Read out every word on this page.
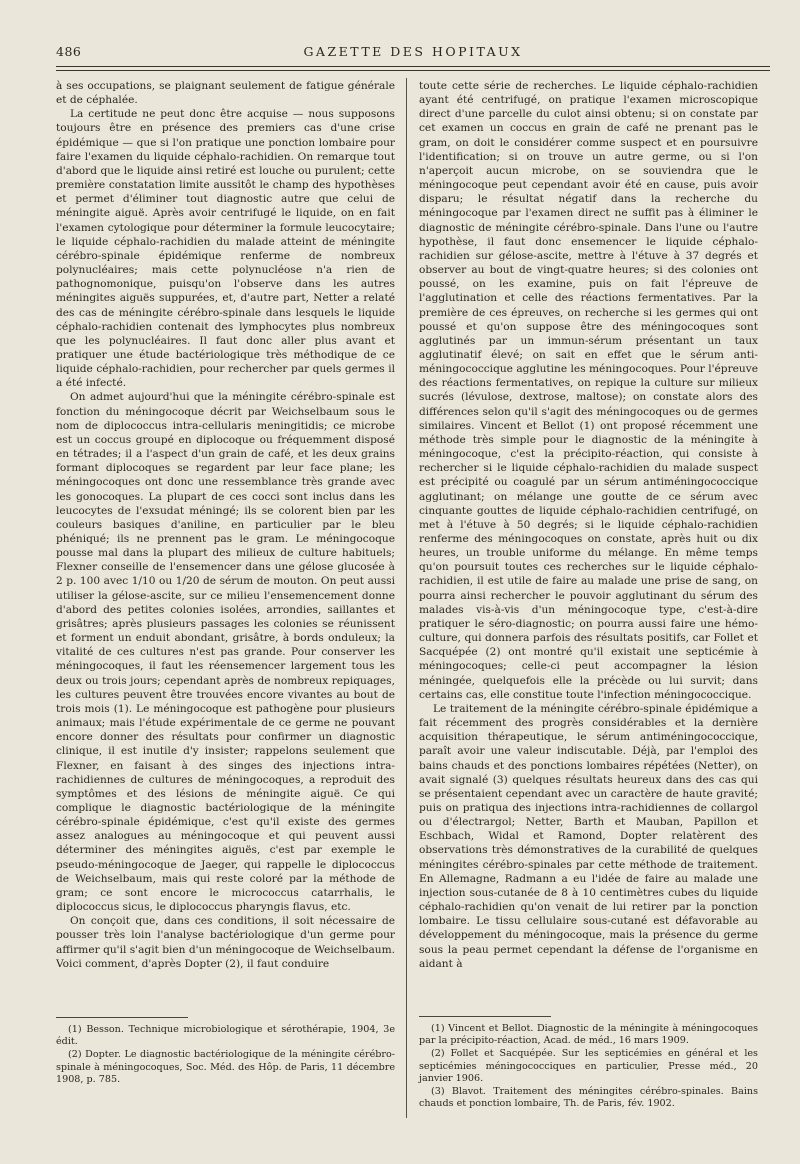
486	GAZETTE DES HOPITAUX

à ses occupations, se plaignant seulement de fatigue générale et de céphalée.

La certitude ne peut donc être acquise — nous supposons toujours être en présence des premiers cas d'une crise épidémique — que si l'on pratique une ponction lombaire pour faire l'examen du liquide céphalo-rachidien. On remarque tout d'abord que le liquide ainsi retiré est louche ou purulent; cette première constatation limite aussitôt le champ des hypothèses et permet d'éliminer tout diagnostic autre que celui de méningite aiguë. Après avoir centrifugé le liquide, on en fait l'examen cytologique pour déterminer la formule leucocytaire; le liquide céphalo-rachidien du malade atteint de méningite cérébro-spinale épidémique renferme de nombreux polynucléaires; mais cette polynucléose n'a rien de pathognomonique, puisqu'on l'observe dans les autres méningites aiguës suppurées, et, d'autre part, Netter a relaté des cas de méningite cérébro-spinale dans lesquels le liquide céphalo-rachidien contenait des lymphocytes plus nombreux que les polynucléaires. Il faut donc aller plus avant et pratiquer une étude bactériologique très méthodique de ce liquide céphalo-rachidien, pour rechercher par quels germes il a été infecté.

On admet aujourd'hui que la méningite cérébro-spinale est fonction du méningocoque décrit par Weichselbaum sous le nom de diplococcus intra-cellularis meningitidis; ce microbe est un coccus groupé en diplocoque ou fréquemment disposé en tétrades; il a l'aspect d'un grain de café, et les deux grains formant diplocoques se regardent par leur face plane; les méningocoques ont donc une ressemblance très grande avec les gonocoques. La plupart de ces cocci sont inclus dans les leucocytes de l'exsudat méningé; ils se colorent bien par les couleurs basiques d'aniline, en particulier par le bleu phéniqué; ils ne prennent pas le gram. Le méningocoque pousse mal dans la plupart des milieux de culture habituels; Flexner conseille de l'ensemencer dans une gélose glucosée à 2 p. 100 avec 1/10 ou 1/20 de sérum de mouton. On peut aussi utiliser la gélose-ascite, sur ce milieu l'ensemencement donne d'abord des petites colonies isolées, arrondies, saillantes et grisâtres; après plusieurs passages les colonies se réunissent et forment un enduit abondant, grisâtre, à bords onduleux; la vitalité de ces cultures n'est pas grande. Pour conserver les méningocoques, il faut les réensemencer largement tous les deux ou trois jours; cependant après de nombreux repiquages, les cultures peuvent être trouvées encore vivantes au bout de trois mois (1). Le méningocoque est pathogène pour plusieurs animaux; mais l'étude expérimentale de ce germe ne pouvant encore donner des résultats pour confirmer un diagnostic clinique, il est inutile d'y insister; rappelons seulement que Flexner, en faisant à des singes des injections intra-rachidiennes de cultures de méningocoques, a reproduit des symptômes et des lésions de méningite aiguë. Ce qui complique le diagnostic bactériologique de la méningite cérébro-spinale épidémique, c'est qu'il existe des germes assez analogues au méningocoque et qui peuvent aussi déterminer des méningites aiguës, c'est par exemple le pseudo-méningocoque de Jaeger, qui rappelle le diplococcus de Weichselbaum, mais qui reste coloré par la méthode de gram; ce sont encore le micrococcus catarrhalis, le diplococcus sicus, le diplococcus pharyngis flavus, etc.

On conçoit que, dans ces conditions, il soit nécessaire de pousser très loin l'analyse bactériologique d'un germe pour affirmer qu'il s'agit bien d'un méningocoque de Weichselbaum. Voici comment, d'après Dopter (2), il faut conduire

toute cette série de recherches. Le liquide céphalo-rachidien ayant été centrifugé, on pratique l'examen microscopique direct d'une parcelle du culot ainsi obtenu; si on constate par cet examen un coccus en grain de café ne prenant pas le gram, on doit le considérer comme suspect et en poursuivre l'identification; si on trouve un autre germe, ou si l'on n'aperçoit aucun microbe, on se souviendra que le méningocoque peut cependant avoir été en cause, puis avoir disparu; le résultat négatif dans la recherche du méningocoque par l'examen direct ne suffit pas à éliminer le diagnostic de méningite cérébro-spinale. Dans l'une ou l'autre hypothèse, il faut donc ensemencer le liquide céphalo-rachidien sur gélose-ascite, mettre à l'étuve à 37 degrés et observer au bout de vingt-quatre heures; si des colonies ont poussé, on les examine, puis on fait l'épreuve de l'agglutination et celle des réactions fermentatives. Par la première de ces épreuves, on recherche si les germes qui ont poussé et qu'on suppose être des méningocoques sont agglutinés par un immun-sérum présentant un taux agglutinatif élevé; on sait en effet que le sérum anti-méningococcique agglutine les méningocoques. Pour l'épreuve des réactions fermentatives, on repique la culture sur milieux sucrés (lévulose, dextrose, maltose); on constate alors des différences selon qu'il s'agit des méningocoques ou de germes similaires. Vincent et Bellot (1) ont proposé récemment une méthode très simple pour le diagnostic de la méningite à méningocoque, c'est la précipito-réaction, qui consiste à rechercher si le liquide céphalo-rachidien du malade suspect est précipité ou coagulé par un sérum antiméningococcique agglutinant; on mélange une goutte de ce sérum avec cinquante gouttes de liquide céphalo-rachidien centrifugé, on met à l'étuve à 50 degrés; si le liquide céphalo-rachidien renferme des méningocoques on constate, après huit ou dix heures, un trouble uniforme du mélange. En même temps qu'on poursuit toutes ces recherches sur le liquide céphalo-rachidien, il est utile de faire au malade une prise de sang, on pourra ainsi rechercher le pouvoir agglutinant du sérum des malades vis-à-vis d'un méningocoque type, c'est-à-dire pratiquer le séro-diagnostic; on pourra aussi faire une hémo-culture, qui donnera parfois des résultats positifs, car Follet et Sacquépée (2) ont montré qu'il existait une septicémie à méningocoques; celle-ci peut accompagner la lésion méningée, quelquefois elle la précède ou lui survit; dans certains cas, elle constitue toute l'infection méningococcique.

Le traitement de la méningite cérébro-spinale épidémique a fait récemment des progrès considérables et la dernière acquisition thérapeutique, le sérum antiméningococcique, paraît avoir une valeur indiscutable. Déjà, par l'emploi des bains chauds et des ponctions lombaires répétées (Netter), on avait signalé (3) quelques résultats heureux dans des cas qui se présentaient cependant avec un caractère de haute gravité; puis on pratiqua des injections intra-rachidiennes de collargol ou d'électrargol; Netter, Barth et Mauban, Papillon et Eschbach, Widal et Ramond, Dopter relatèrent des observations très démonstratives de la curabilité de quelques méningites cérébro-spinales par cette méthode de traitement. En Allemagne, Radmann a eu l'idée de faire au malade une injection sous-cutanée de 8 à 10 centimètres cubes du liquide céphalo-rachidien qu'on venait de lui retirer par la ponction lombaire. Le tissu cellulaire sous-cutané est défavorable au développement du méningocoque, mais la présence du germe sous la peau permet cependant la défense de l'organisme en aidant à

(1) Besson. Technique microbiologique et sérothérapie, 1904, 3e édit.

(2) Dopter. Le diagnostic bactériologique de la méningite cérébro-spinale à méningocoques, Soc. Méd. des Hôp. de Paris, 11 décembre 1908, p. 785.

(1) Vincent et Bellot. Diagnostic de la méningite à méningocoques par la précipito-réaction, Acad. de méd., 16 mars 1909.

(2) Follet et Sacquépée. Sur les septicémies en général et les septicémies méningococciques en particulier, Presse méd., 20 janvier 1906.

(3) Blavot. Traitement des méningites cérébro-spinales. Bains chauds et ponction lombaire, Th. de Paris, fév. 1902.
